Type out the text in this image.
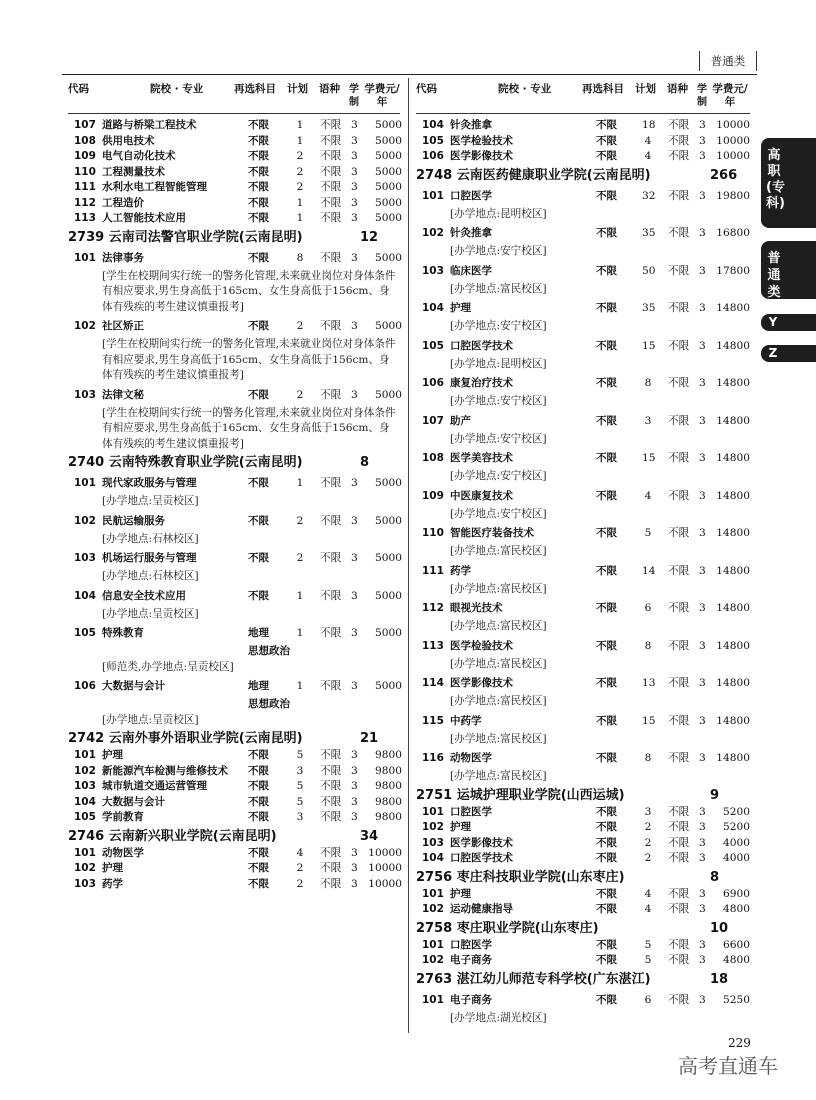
普通类
代码	院校 · 专业	再选科目 计划 语种 学制
学费元/年
107 道路与桥梁工程技术	不限	1 不限 3	5000
108 供用电技术	不限	1 不限 3	5000
109 电气自动化技术	不限	2 不限 3	5000
110 工程测量技术	不限	2 不限 3	5000
111 水利水电工程智能管理	不限	2 不限 3	5000
112 工程造价	不限	1 不限 3	5000
113 人工智能技术应用	不限	1 不限 3	5000
2739 云南司法警官职业学院(云南昆明)	12
101 法律事务	不限	8 不限 3	5000
[学生在校期间实行统一的警务化管理,未来就业岗位对身体条件有相应要求,男生身高低于165cm、女生身高低于156cm、身体有残疾的考生建议慎重报考]
102 社区矫正	不限	2 不限 3	5000
[学生在校期间实行统一的警务化管理,未来就业岗位对身体条件有相应要求,男生身高低于165cm、女生身高低于156cm、身体有残疾的考生建议慎重报考]
103 法律文秘	不限	2 不限 3	5000
[学生在校期间实行统一的警务化管理,未来就业岗位对身体条件有相应要求,男生身高低于165cm、女生身高低于156cm、身体有残疾的考生建议慎重报考]
2740 云南特殊教育职业学院(云南昆明)	8
101 现代家政服务与管理	不限	1 不限 3	5000
[办学地点:呈贡校区]
102 民航运输服务	不限	2 不限 3	5000
[办学地点:石林校区]
103 机场运行服务与管理	不限	2 不限 3	5000
[办学地点:石林校区]
104 信息安全技术应用	不限	1 不限 3	5000
[办学地点:呈贡校区]
105 特殊教育	地理	1 不限 3	5000
思想政治
[师范类,办学地点:呈贡校区]
106 大数据与会计	地理	1 不限 3	5000
思想政治
[办学地点:呈贡校区]
2742 云南外事外语职业学院(云南昆明)	21
101 护理	不限	5 不限 3	9800
102 新能源汽车检测与维修技术 不限	3 不限 3	9800
103 城市轨道交通运营管理	不限	5 不限 3	9800
104 大数据与会计	不限	5 不限 3	9800
105 学前教育	不限	3 不限 3	9800
2746 云南新兴职业学院(云南昆明)	34
101 动物医学	不限	4 不限 3 10000
102 护理	不限	2 不限 3 10000
103 药学	不限	2 不限 3 10000
代码	院校 · 专业	再选科目 计划 语种 学制
学费元/年
104 针灸推拿	不限 18 不限 3 10000
105 医学检验技术	不限	4 不限 3 10000
106 医学影像技术	不限	4 不限 3 10000
2748 云南医药健康职业学院(云南昆明)	266
101 口腔医学	不限 32 不限 3 19800
[办学地点:昆明校区]
102 针灸推拿	不限 35 不限 3 16800
[办学地点:安宁校区]
103 临床医学	不限 50 不限 3 17800
[办学地点:富民校区]
104 护理	不限 35 不限 3 14800
[办学地点:安宁校区]
105 口腔医学技术	不限 15 不限 3 14800
[办学地点:昆明校区]
106 康复治疗技术	不限	8 不限 3 14800
[办学地点:安宁校区]
107 助产	不限	3 不限 3 14800
[办学地点:安宁校区]
108 医学美容技术	不限 15 不限 3 14800
[办学地点:安宁校区]
109 中医康复技术	不限	4 不限 3 14800
[办学地点:安宁校区]
110 智能医疗装备技术	不限	5 不限 3 14800
[办学地点:富民校区]
111 药学	不限 14 不限 3 14800
[办学地点:富民校区]
112 眼视光技术	不限	6 不限 3 14800
[办学地点:富民校区]
113 医学检验技术	不限	8 不限 3 14800
[办学地点:富民校区]
114 医学影像技术	不限 13 不限 3 14800
[办学地点:富民校区]
115 中药学	不限 15 不限 3 14800
[办学地点:富民校区]
116 动物医学	不限	8 不限 3 14800
[办学地点:富民校区]
2751 运城护理职业学院(山西运城)	9
101 口腔医学	不限	3 不限 3	5200
102 护理	不限	2 不限 3	5200
103 医学影像技术	不限	2 不限 3	4000
104 口腔医学技术	不限	2 不限 3	4000
2756 枣庄科技职业学院(山东枣庄)	8
101 护理	不限	4 不限 3	6900
102 运动健康指导	不限	4 不限 3	4800
2758 枣庄职业学院(山东枣庄)	10
101 口腔医学	不限	5 不限 3	6600
102 电子商务	不限	5 不限 3	4800
2763 湛江幼儿师范专科学校(广东湛江)	18
101 电子商务	不限	6 不限 3	5250
[办学地点:湖光校区]
高职(专科)
普通类
Y
Z
229
高考直通车
